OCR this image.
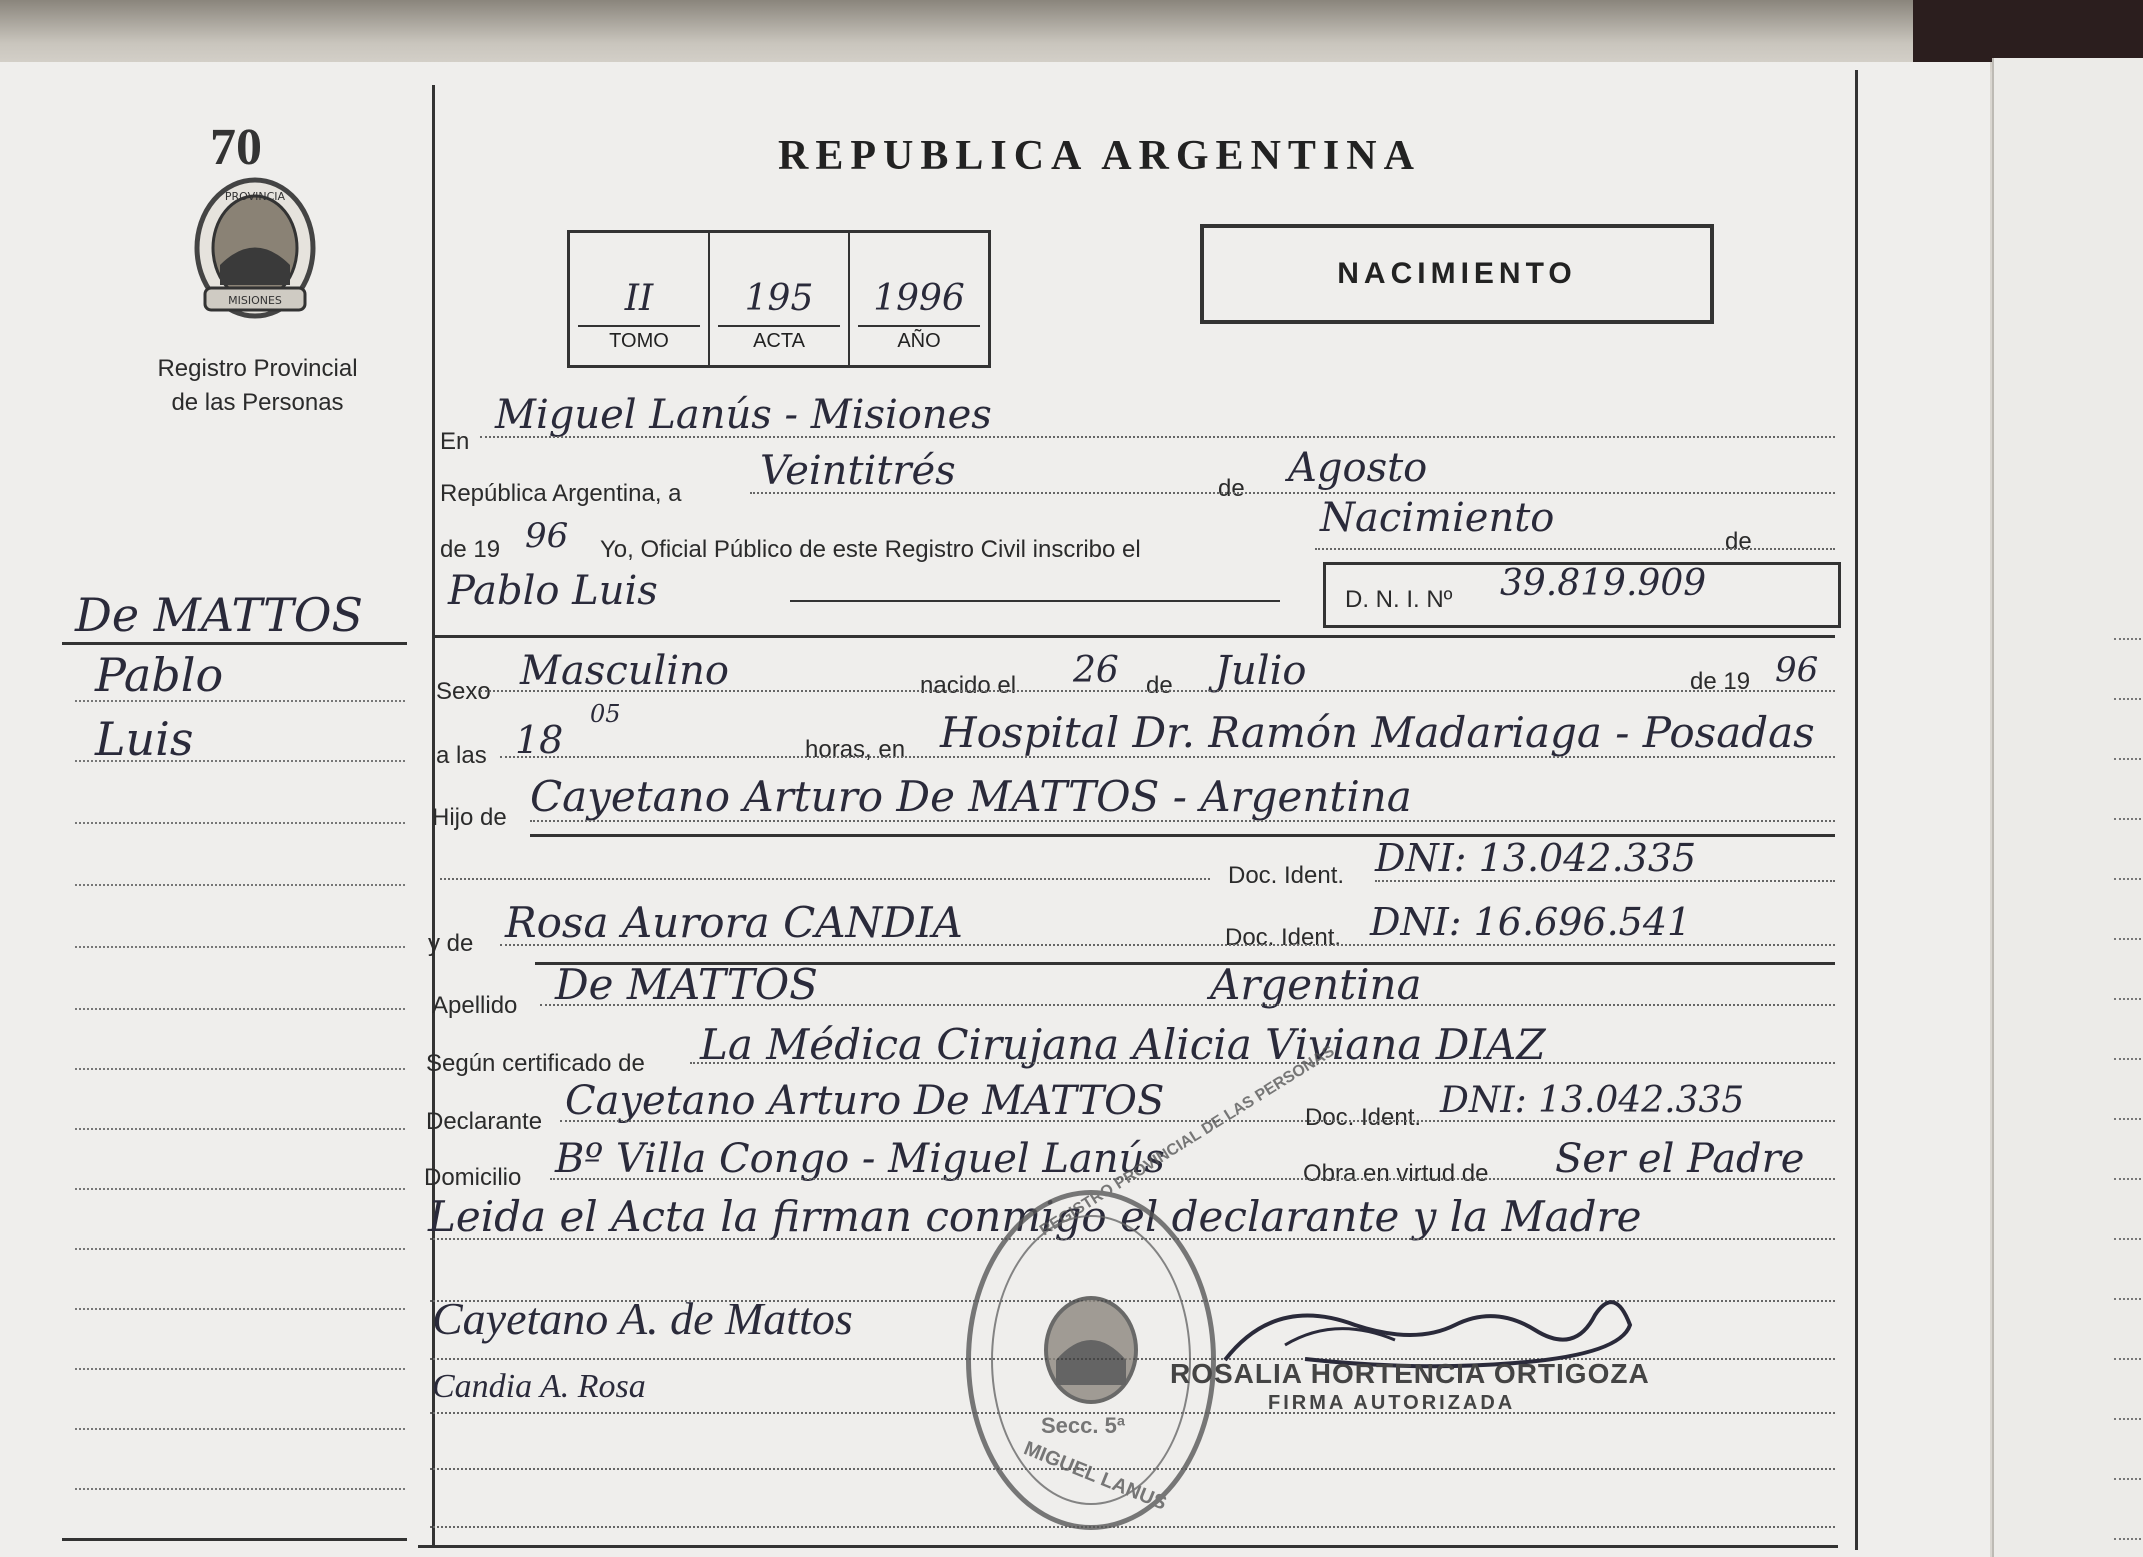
70
PROVINCIA
MISIONES
Registro Provincial
de las Personas
REPUBLICA ARGENTINA
II
TOMO
195
ACTA
1996
AÑO
NACIMIENTO
De MATTOS
Pablo
Luis
En
Miguel Lanús - Misiones
República Argentina, a Veintitrés	de Agosto
de 19 96 Yo, Oficial Público de este Registro Civil inscribo el
Nacimiento
de
Pablo Luis	D. N. I. Nº 39.819.909
Sexo Masculino	nacido el 26 de Julio	de 19 96
a las 18
05
horas, en Hospital Dr. Ramón Madariaga - Posadas
Hijo de Cayetano Arturo De MATTOS - Argentina
Doc. Ident. DNI: 13.042.335
y de Rosa Aurora CANDIA	Doc. Ident. DNI: 16.696.541
Apellido De MATTOS	Argentina
Según certificado de La Médica Cirujana Alicia Viviana DIAZ
Declarante Cayetano Arturo De MATTOS	Doc. Ident. DNI: 13.042.335
Domicilio Bº Villa Congo - Miguel Lanús	Obra en virtud de Ser el Padre
Leida el Acta la firman conmigo el declarante y la Madre
Cayetano A. de Mattos
Candia A. Rosa
REGISTRO PROVINCIAL DE LAS PERSONAS
Secc. 5ª
MIGUEL LANUS
ROSALIA HORTENCIA ORTIGOZA
FIRMA AUTORIZADA
